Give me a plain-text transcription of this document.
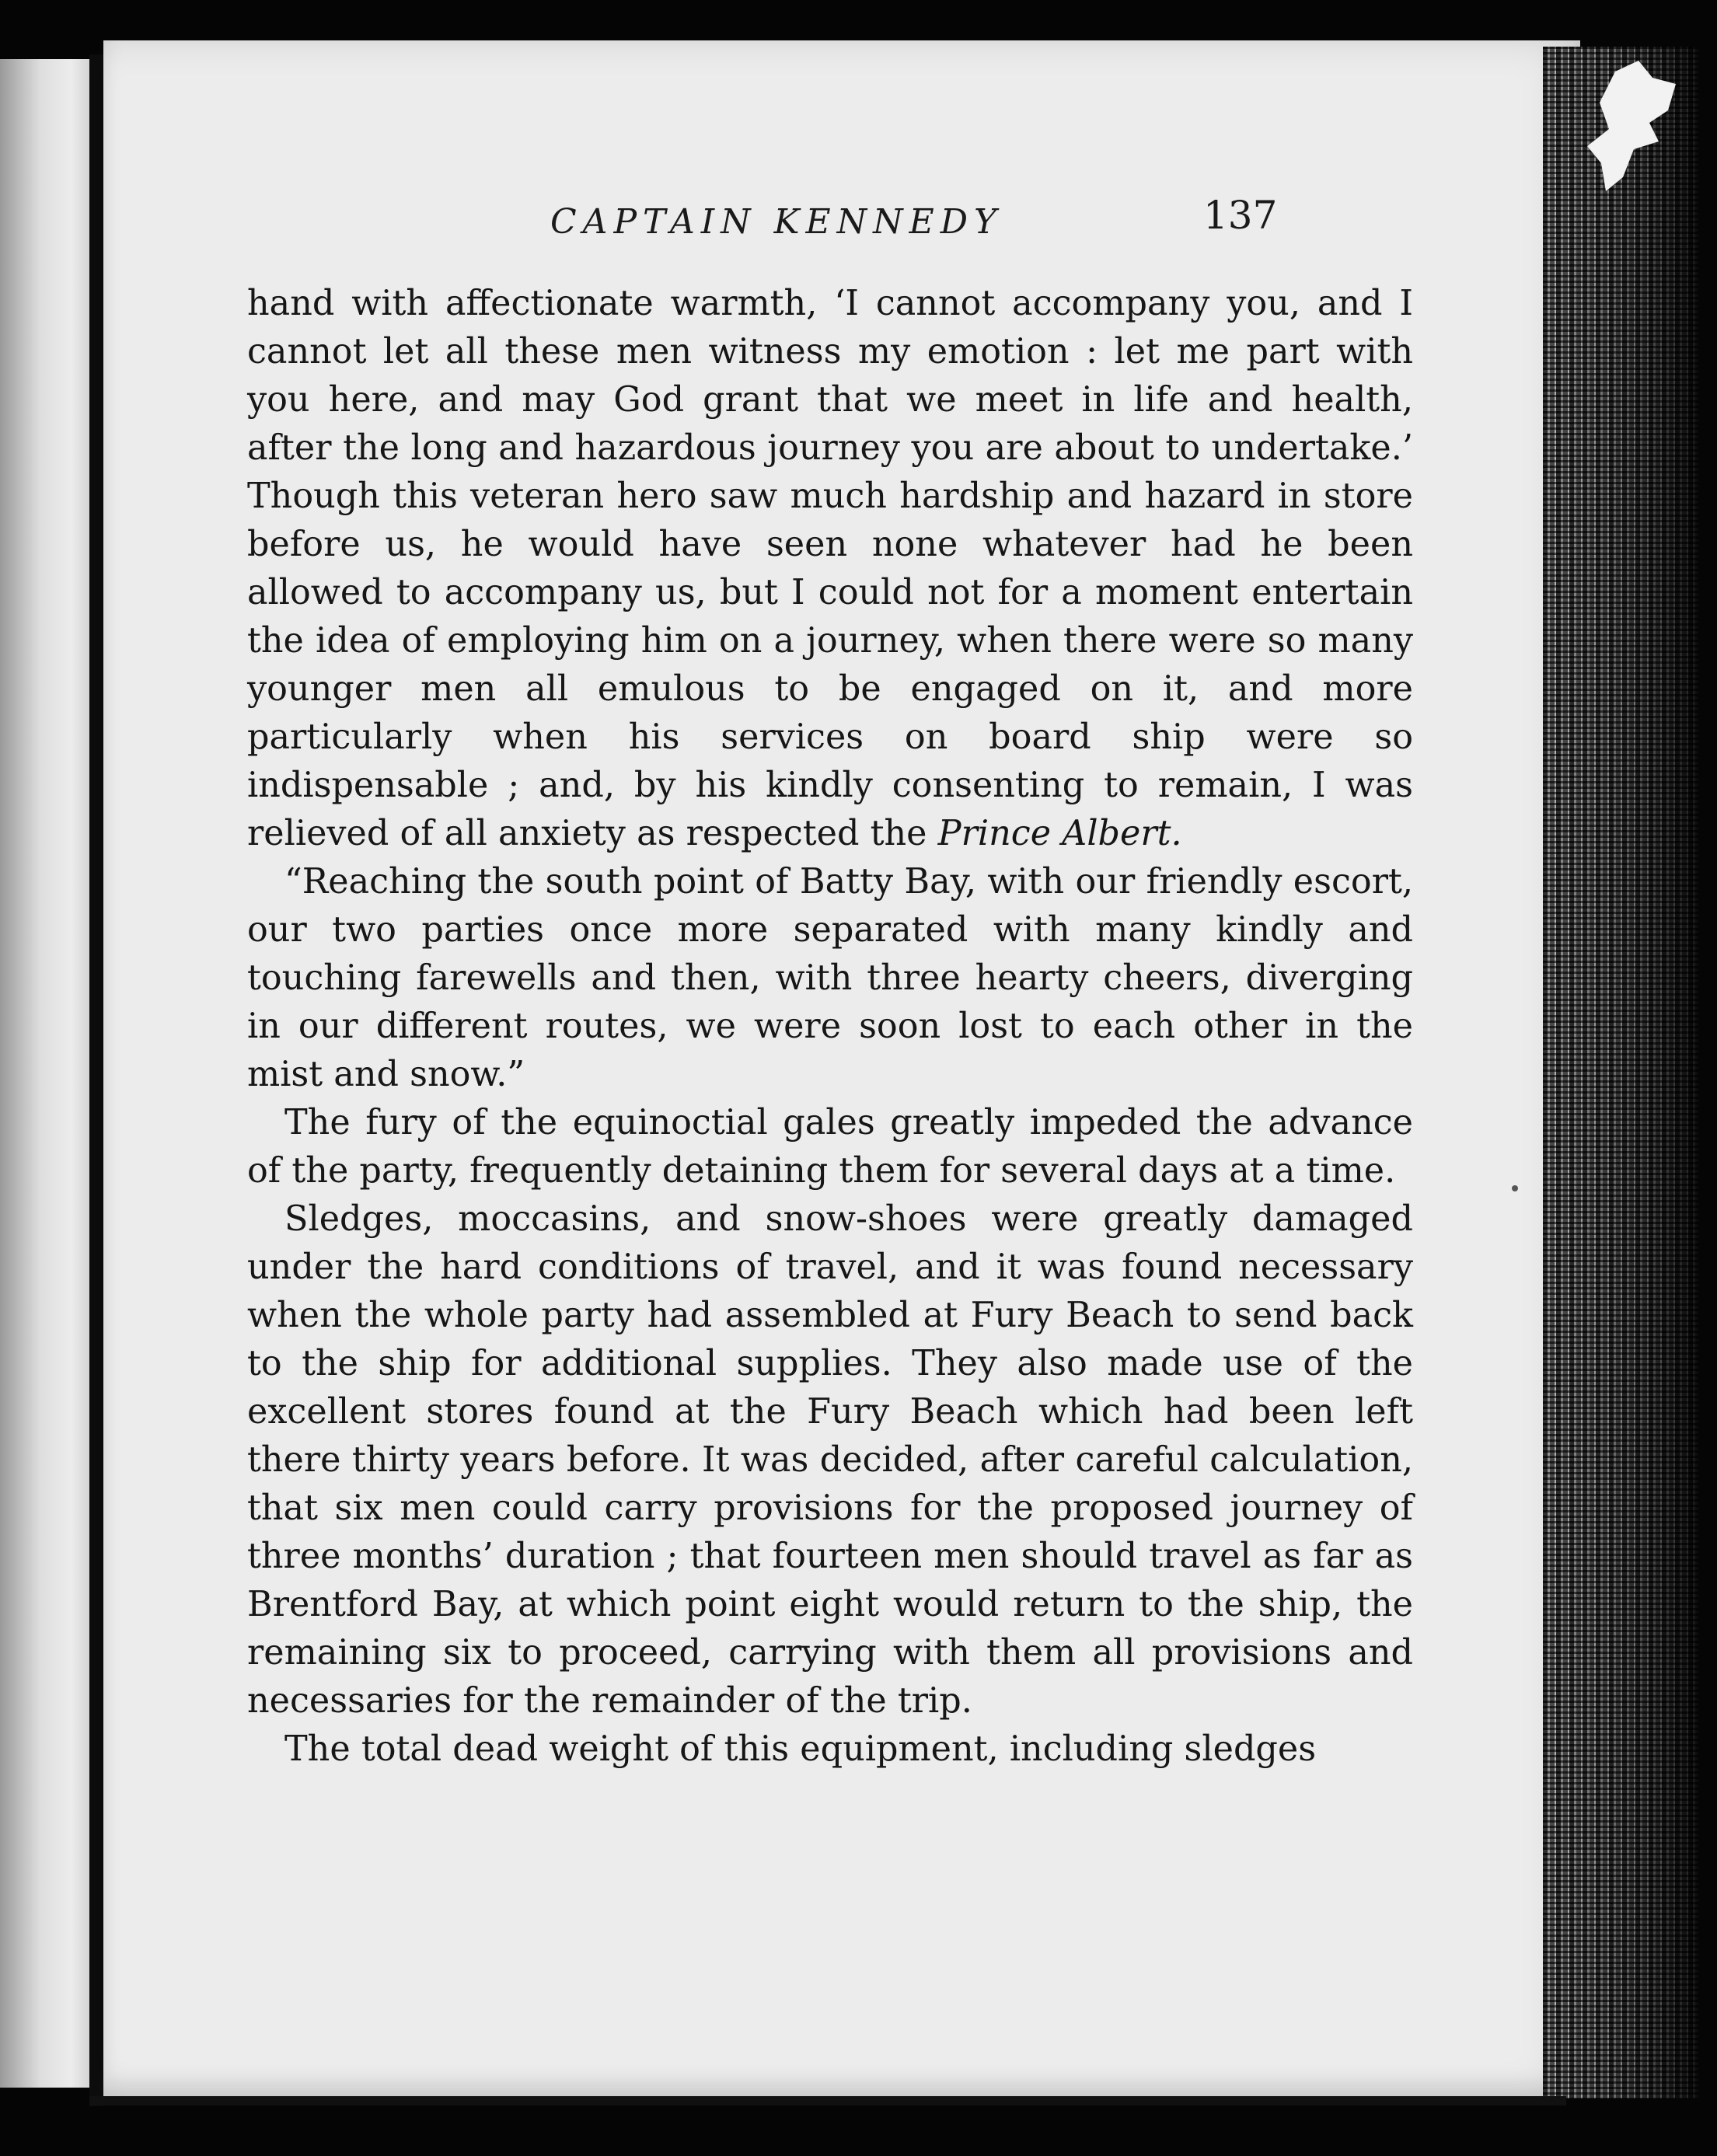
CAPTAIN KENNEDY	137

hand with affectionate warmth, ‘I cannot accompany you, and I cannot let all these men witness my emotion : let me part with you here, and may God grant that we meet in life and health, after the long and hazardous journey you are about to undertake.’ Though this veteran hero saw much hardship and hazard in store before us, he would have seen none whatever had he been allowed to accompany us, but I could not for a moment entertain the idea of employing him on a journey, when there were so many younger men all emulous to be engaged on it, and more particularly when his services on board ship were so indispensable ; and, by his kindly consenting to remain, I was relieved of all anxiety as respected the Prince Albert.

“Reaching the south point of Batty Bay, with our friendly escort, our two parties once more separated with many kindly and touching farewells and then, with three hearty cheers, diverging in our different routes, we were soon lost to each other in the mist and snow.”

The fury of the equinoctial gales greatly impeded the advance of the party, frequently detaining them for several days at a time.

Sledges, moccasins, and snow-shoes were greatly damaged under the hard conditions of travel, and it was found necessary when the whole party had assembled at Fury Beach to send back to the ship for additional supplies. They also made use of the excellent stores found at the Fury Beach which had been left there thirty years before. It was decided, after careful calculation, that six men could carry provisions for the proposed journey of three months’ duration ; that fourteen men should travel as far as Brentford Bay, at which point eight would return to the ship, the remaining six to proceed, carrying with them all provisions and necessaries for the remainder of the trip.

The total dead weight of this equipment, including sledges
